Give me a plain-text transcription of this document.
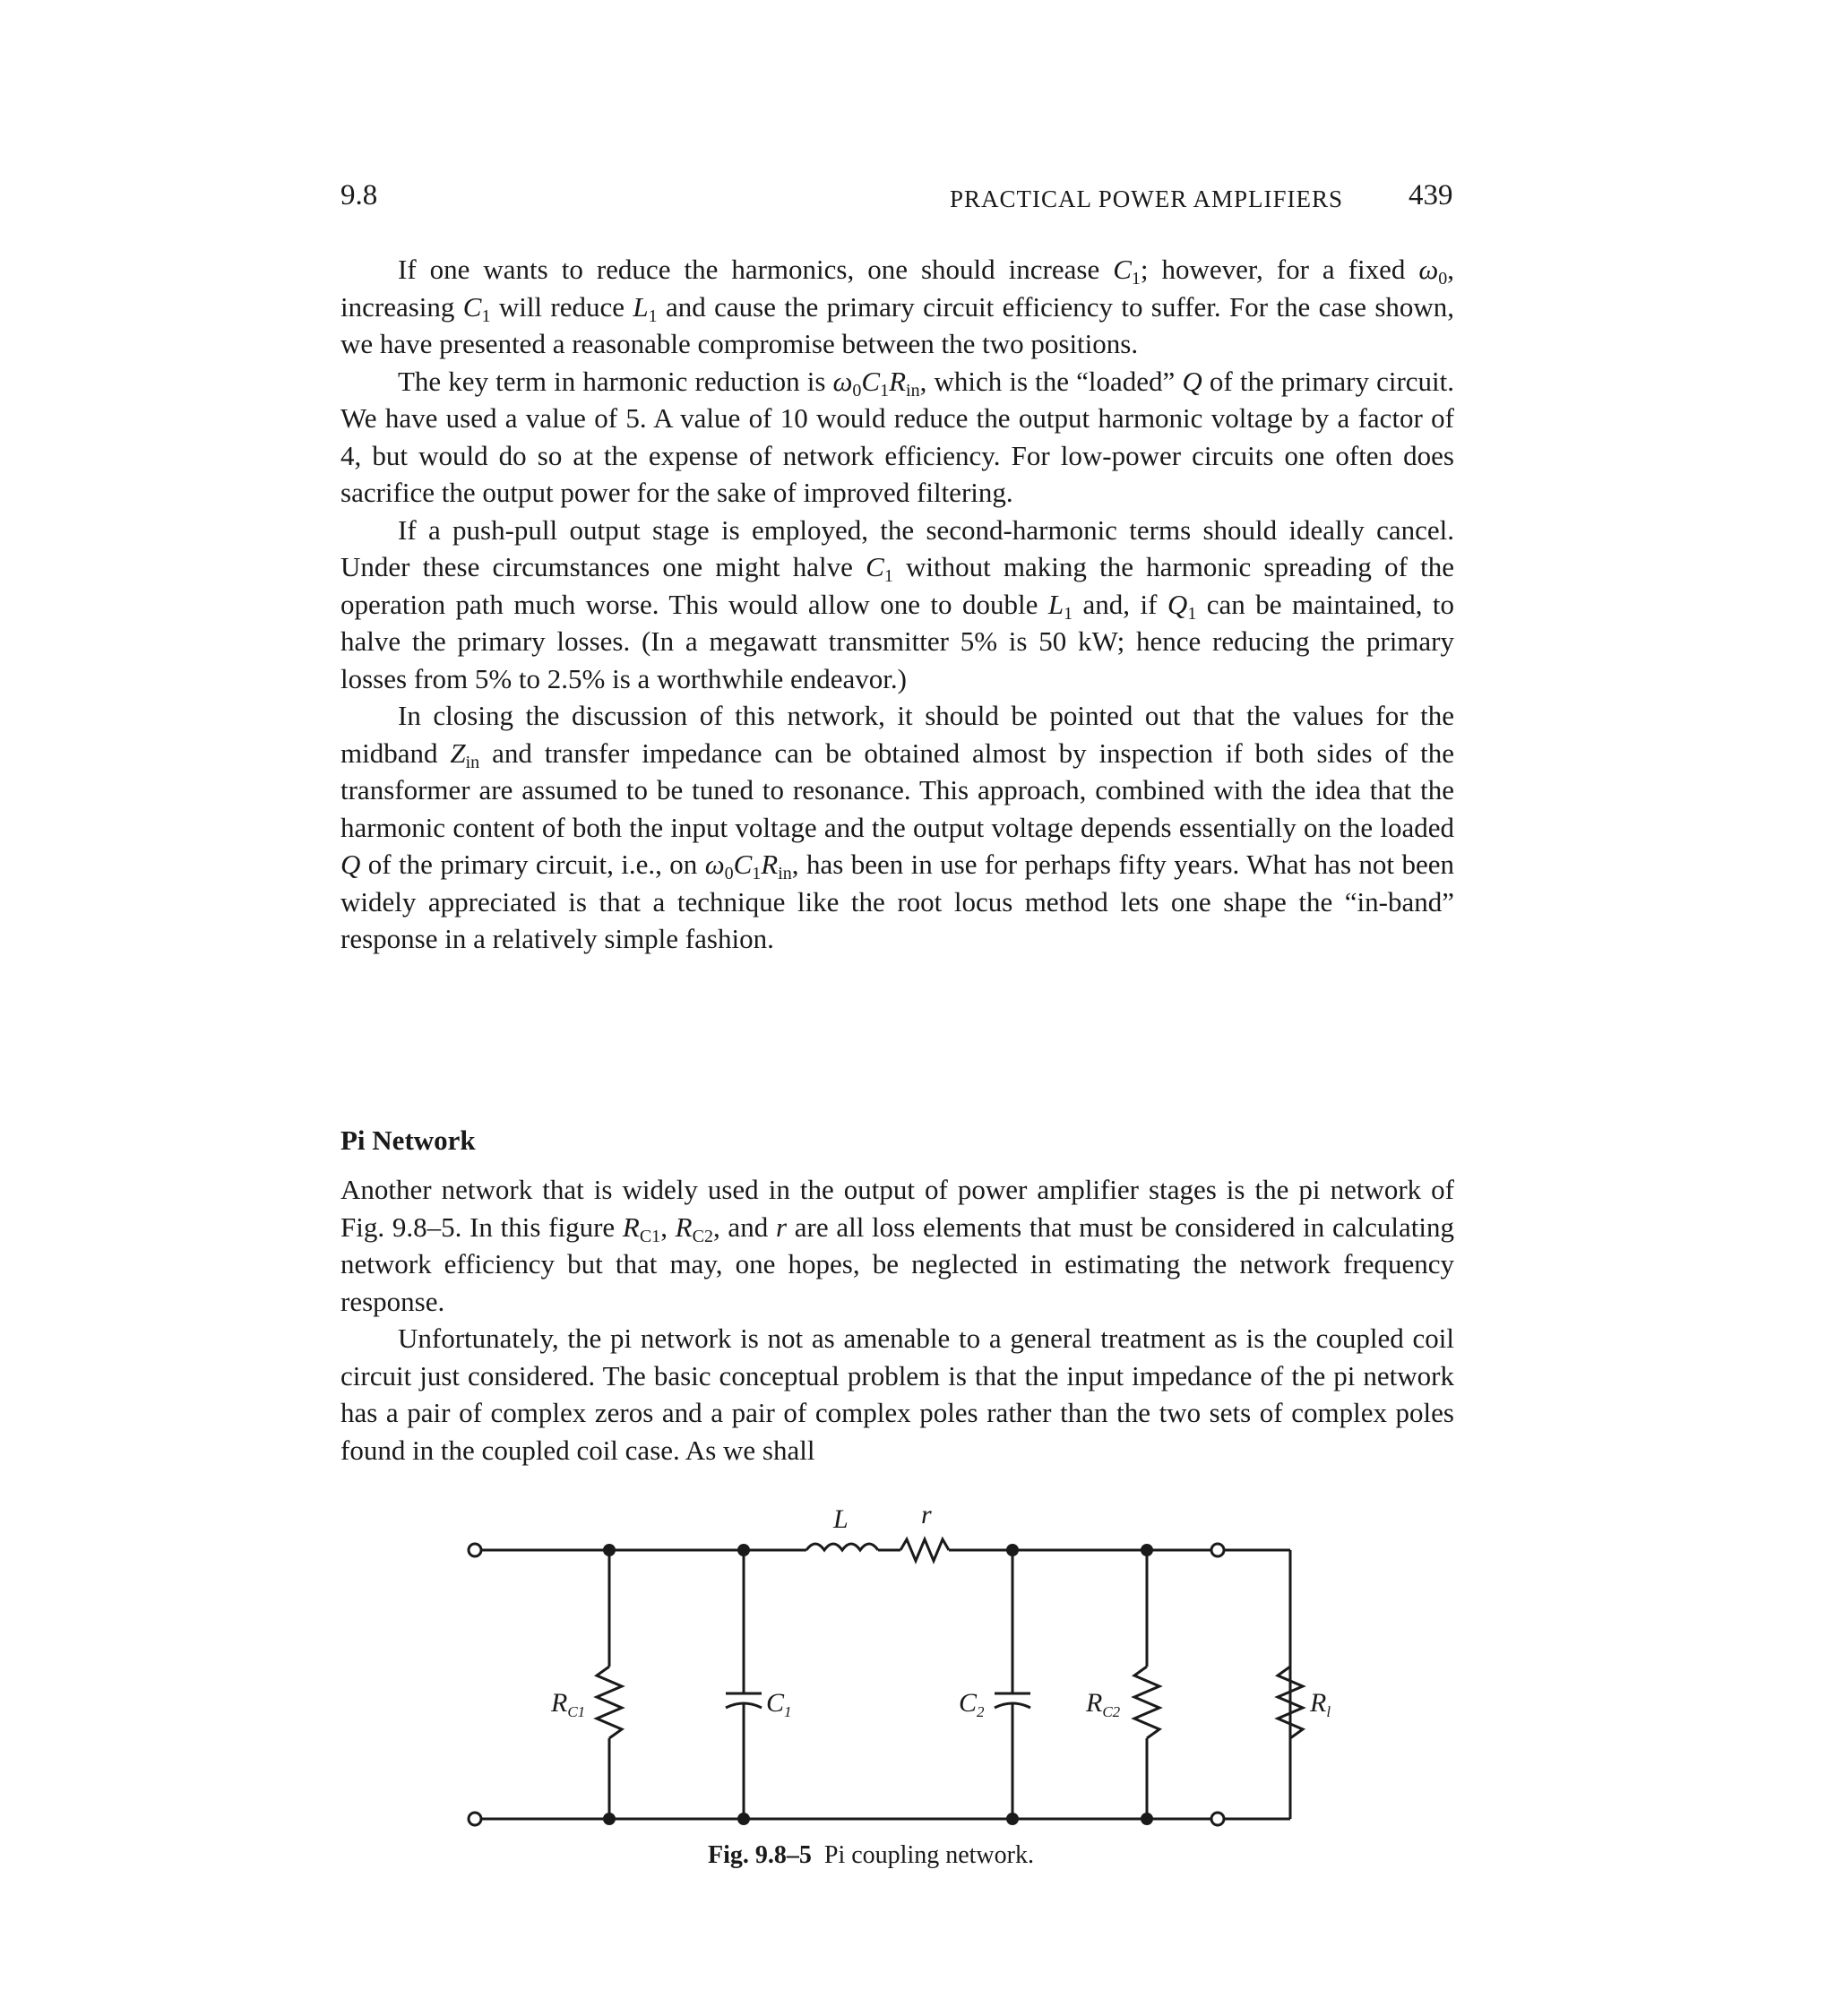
9.8	PRACTICAL POWER AMPLIFIERS 439

If one wants to reduce the harmonics, one should increase $C_1$; however, for a fixed $\omega_0$, increasing $C_1$ will reduce $L_1$ and cause the primary circuit efficiency to suffer. For the case shown, we have presented a reasonable compromise between the two positions.

The key term in harmonic reduction is $\omega_0C_1R_{in}$, which is the “loaded” Q of the primary circuit. We have used a value of 5. A value of 10 would reduce the output harmonic voltage by a factor of 4, but would do so at the expense of network efficiency. For low-power circuits one often does sacrifice the output power for the sake of improved filtering.

If a push-pull output stage is employed, the second-harmonic terms should ideally cancel. Under these circumstances one might halve $C_1$ without making the harmonic spreading of the operation path much worse. This would allow one to double $L_1$ and, if $Q_1$ can be maintained, to halve the primary losses. (In a megawatt transmitter 5% is 50 kW; hence reducing the primary losses from 5% to 2.5% is a worthwhile endeavor.)

In closing the discussion of this network, it should be pointed out that the values for the midband $Z_{in}$ and transfer impedance can be obtained almost by inspection if both sides of the transformer are assumed to be tuned to resonance. This approach, combined with the idea that the harmonic content of both the input voltage and the output voltage depends essentially on the loaded Q of the primary circuit, i.e., on $\omega_0C_1R_{in}$, has been in use for perhaps fifty years. What has not been widely appreciated is that a technique like the root locus method lets one shape the “in-band” response in a relatively simple fashion.

Pi Network

Another network that is widely used in the output of power amplifier stages is the pi network of Fig. 9.8–5. In this figure $R_{C1}$, $R_{C2}$, and r are all loss elements that must be considered in calculating network efficiency but that may, one hopes, be neglected in estimating the network frequency response.

Unfortunately, the pi network is not as amenable to a general treatment as is the coupled coil circuit just considered. The basic conceptual problem is that the input impedance of the pi network has a pair of complex zeros and a pair of complex poles rather than the two sets of complex poles found in the coupled coil case. As we shall

L	r
$R_{C1}$	$C_1$	$C_2$	$R_{C2}$	$R_l$
Fig. 9.8–5 Pi coupling network.
